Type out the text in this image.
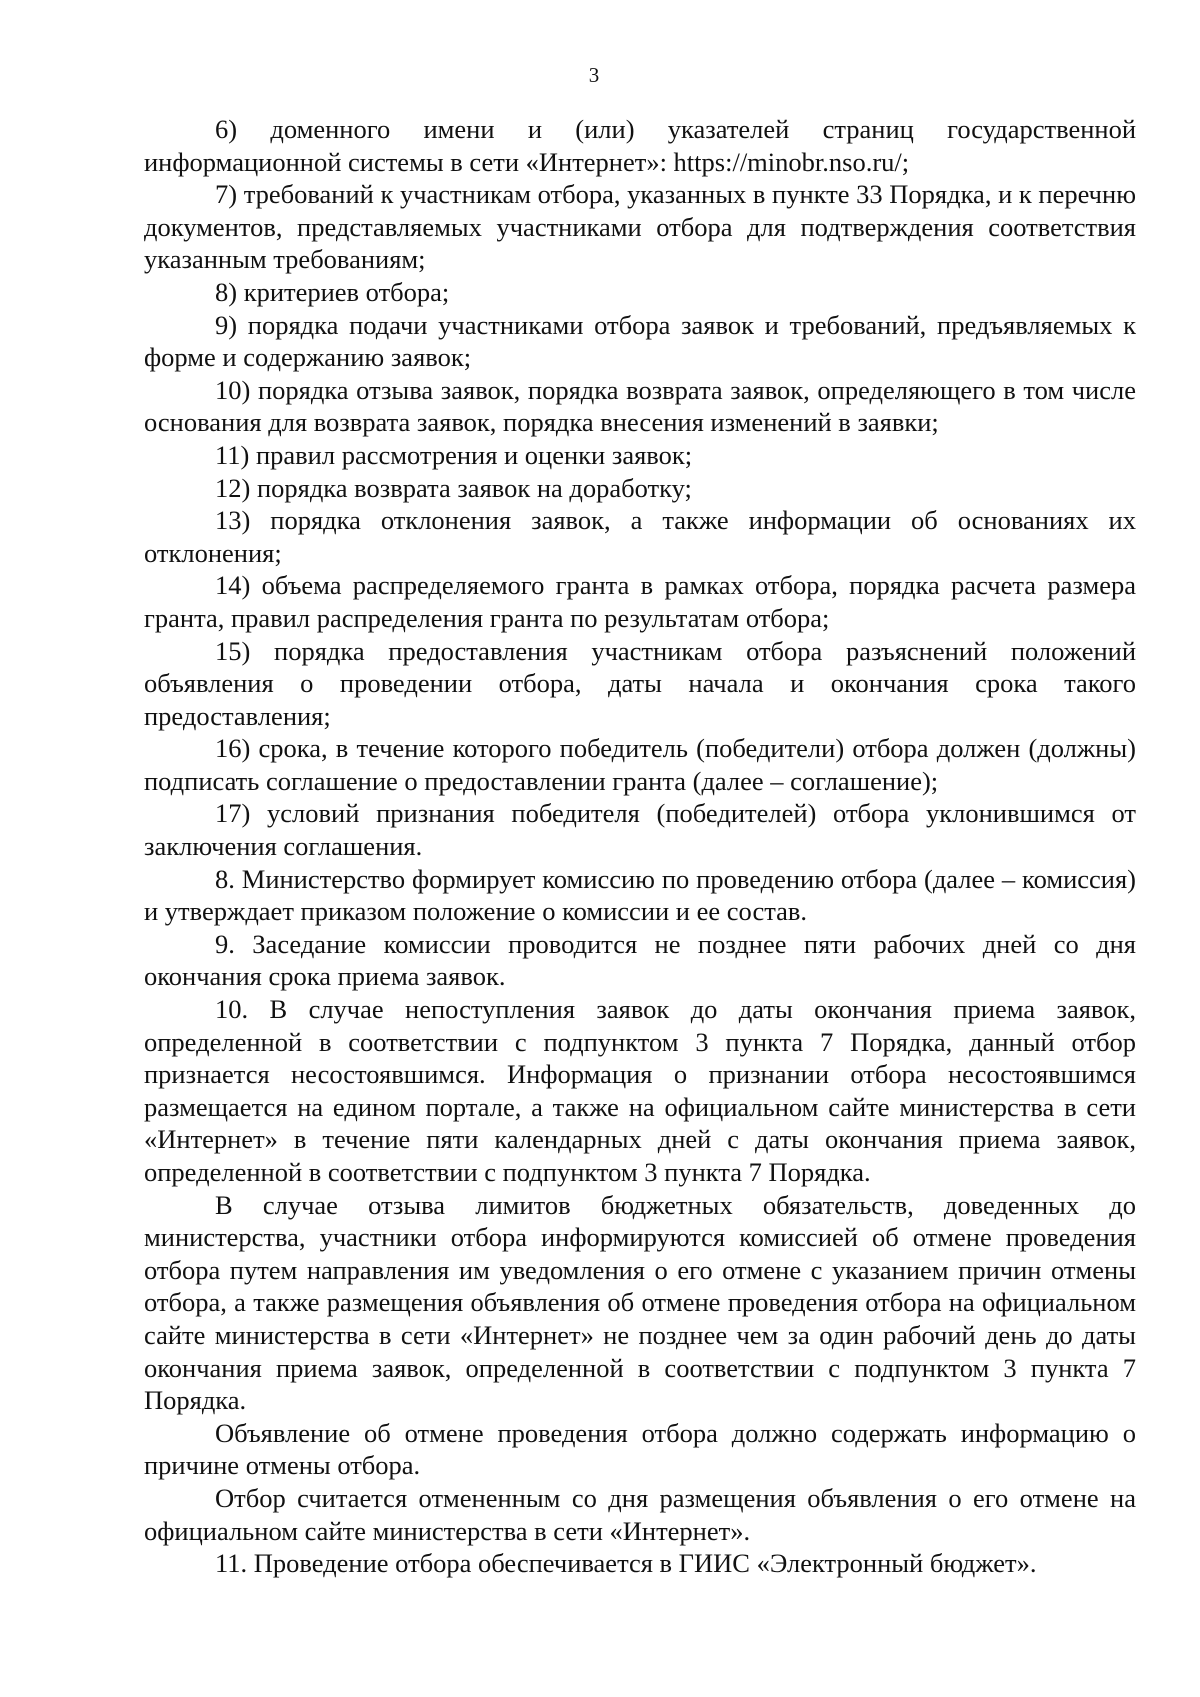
3

6) доменного имени и (или) указателей страниц государственной информационной системы в сети «Интернет»: https://minobr.nso.ru/;

7) требований к участникам отбора, указанных в пункте 33 Порядка, и к перечню документов, представляемых участниками отбора для подтверждения соответствия указанным требованиям;

8) критериев отбора;

9) порядка подачи участниками отбора заявок и требований, предъявляемых к форме и содержанию заявок;

10) порядка отзыва заявок, порядка возврата заявок, определяющего в том числе основания для возврата заявок, порядка внесения изменений в заявки;

11) правил рассмотрения и оценки заявок;

12) порядка возврата заявок на доработку;

13) порядка отклонения заявок, а также информации об основаниях их отклонения;

14) объема распределяемого гранта в рамках отбора, порядка расчета размера гранта, правил распределения гранта по результатам отбора;

15) порядка предоставления участникам отбора разъяснений положений объявления о проведении отбора, даты начала и окончания срока такого предоставления;

16) срока, в течение которого победитель (победители) отбора должен (должны) подписать соглашение о предоставлении гранта (далее – соглашение);

17) условий признания победителя (победителей) отбора уклонившимся от заключения соглашения.

8. Министерство формирует комиссию по проведению отбора (далее – комиссия) и утверждает приказом положение о комиссии и ее состав.

9. Заседание комиссии проводится не позднее пяти рабочих дней со дня окончания срока приема заявок.

10. В случае непоступления заявок до даты окончания приема заявок, определенной в соответствии с подпунктом 3 пункта 7 Порядка, данный отбор признается несостоявшимся. Информация о признании отбора несостоявшимся размещается на едином портале, а также на официальном сайте министерства в сети «Интернет» в течение пяти календарных дней с даты окончания приема заявок, определенной в соответствии с подпунктом 3 пункта 7 Порядка.

В случае отзыва лимитов бюджетных обязательств, доведенных до министерства, участники отбора информируются комиссией об отмене проведения отбора путем направления им уведомления о его отмене с указанием причин отмены отбора, а также размещения объявления об отмене проведения отбора на официальном сайте министерства в сети «Интернет» не позднее чем за один рабочий день до даты окончания приема заявок, определенной в соответствии с подпунктом 3 пункта 7 Порядка.

Объявление об отмене проведения отбора должно содержать информацию о причине отмены отбора.

Отбор считается отмененным со дня размещения объявления о его отмене на официальном сайте министерства в сети «Интернет».

11. Проведение отбора обеспечивается в ГИИС «Электронный бюджет».
